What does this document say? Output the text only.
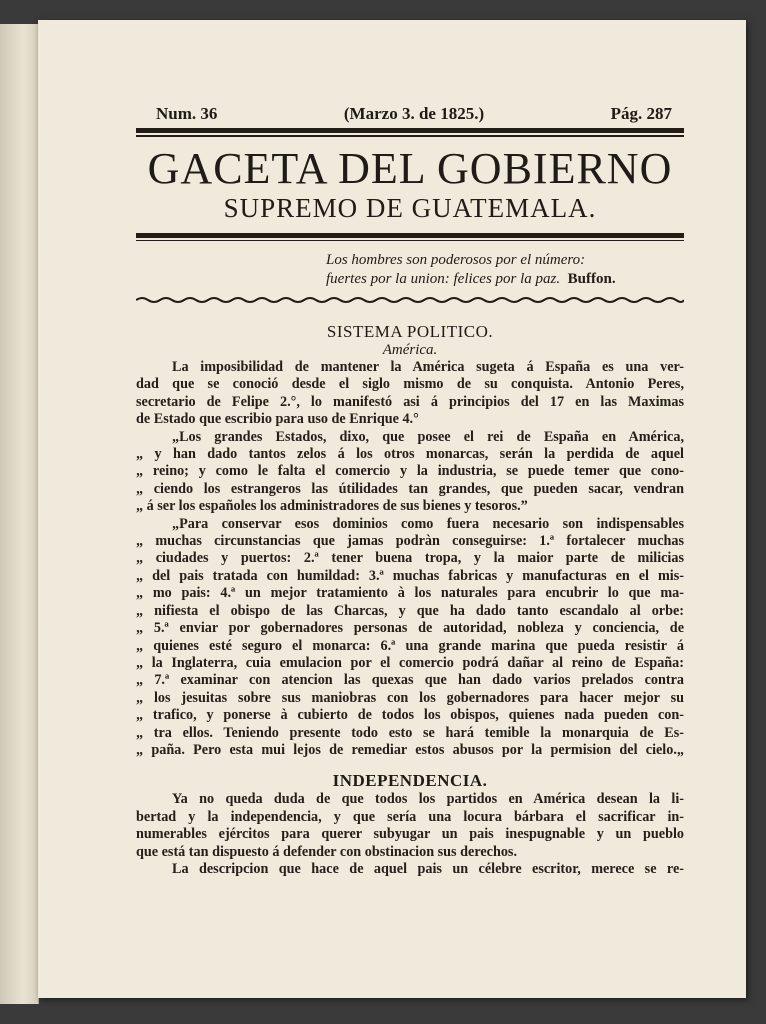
Num. 36	(Marzo 3. de 1825.)	Pág. 287
GACETA DEL GOBIERNO
SUPREMO DE GUATEMALA.
Los hombres son poderosos por el número:
fuertes por la union: felices por la paz. Buffon.
SISTEMA POLITICO.
América.
La imposibilidad de mantener la América sugeta á España es una ver-
dad que se conoció desde el siglo mismo de su conquista. Antonio Peres,
secretario de Felipe 2.°, lo manifestó asi á principios del 17 en las Maximas
de Estado que escribio para uso de Enrique 4.°
„Los grandes Estados, dixo, que posee el rei de España en América,
„ y han dado tantos zelos á los otros monarcas, serán la perdida de aquel
„ reino; y como le falta el comercio y la industria, se puede temer que cono-
„ ciendo los estrangeros las útilidades tan grandes, que pueden sacar, vendran
„ á ser los españoles los administradores de sus bienes y tesoros.”
„Para conservar esos dominios como fuera necesario son indispensables
„ muchas circunstancias que jamas podràn conseguirse: 1.ª fortalecer muchas
„ ciudades y puertos: 2.ª tener buena tropa, y la maior parte de milicias
„ del pais tratada con humildad: 3.ª muchas fabricas y manufacturas en el mis-
„ mo pais: 4.ª un mejor tratamiento à los naturales para encubrir lo que ma-
„ nifiesta el obispo de las Charcas, y que ha dado tanto escandalo al orbe:
„ 5.ª enviar por gobernadores personas de autoridad, nobleza y conciencia, de
„ quienes esté seguro el monarca: 6.ª una grande marina que pueda resistir á
„ la Inglaterra, cuia emulacion por el comercio podrá dañar al reino de España:
„ 7.ª examinar con atencion las quexas que han dado varios prelados contra
„ los jesuitas sobre sus maniobras con los gobernadores para hacer mejor su
„ trafico, y ponerse à cubierto de todos los obispos, quienes nada pueden con-
„ tra ellos. Teniendo presente todo esto se hará temible la monarquia de Es-
„ paña. Pero esta mui lejos de remediar estos abusos por la permision del cielo.„
INDEPENDENCIA.
Ya no queda duda de que todos los partidos en América desean la li-
bertad y la independencia, y que sería una locura bárbara el sacrificar in-
numerables ejércitos para querer subyugar un pais inespugnable y un pueblo
que está tan dispuesto á defender con obstinacion sus derechos.
La descripcion que hace de aquel pais un célebre escritor, merece se re-
